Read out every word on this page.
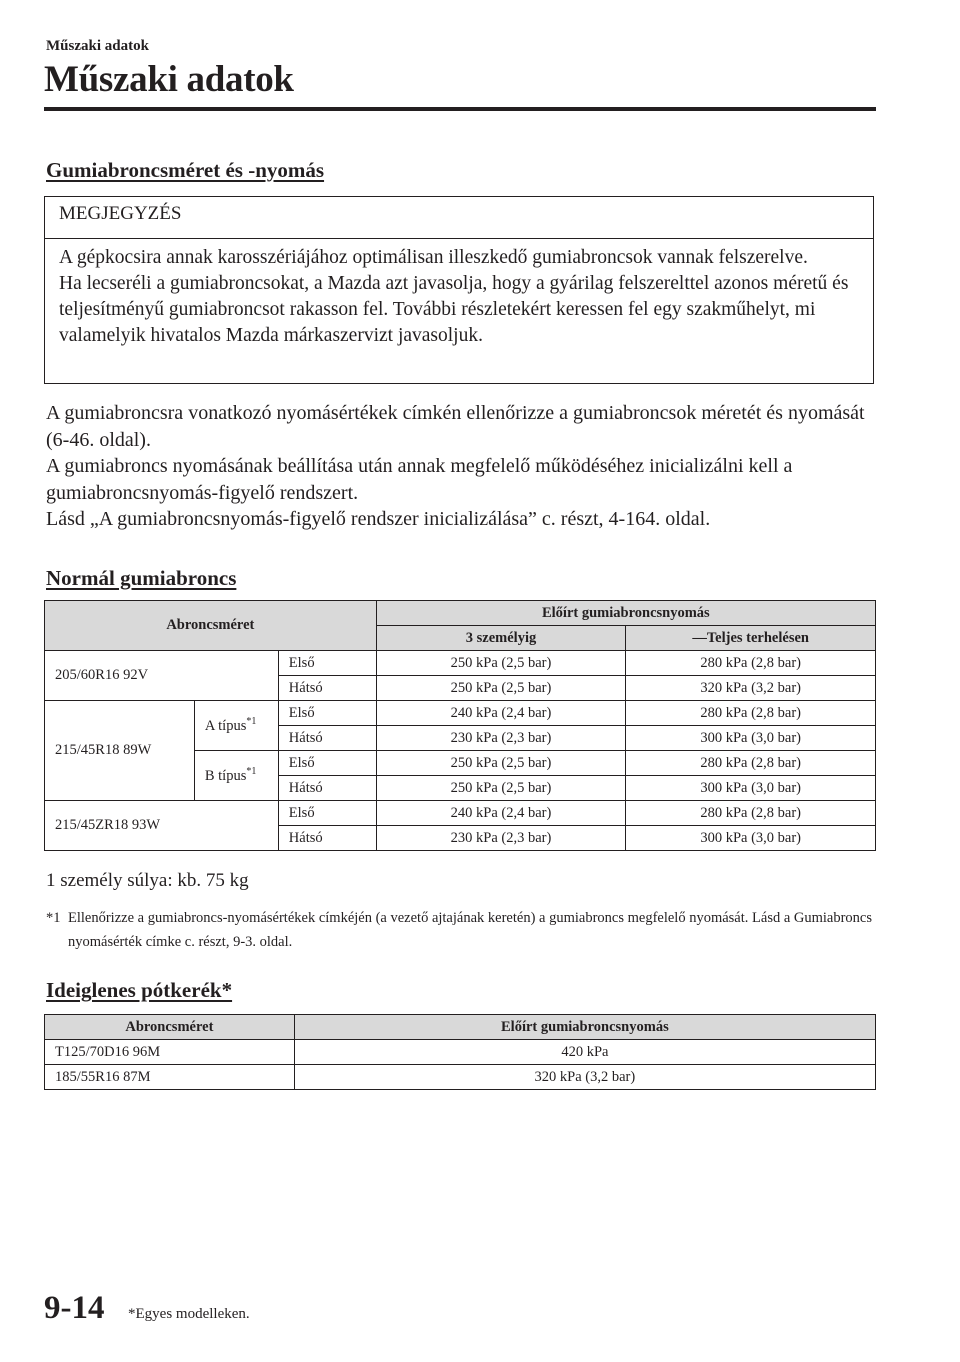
Műszaki adatok
Műszaki adatok
Gumiabroncsméret és -nyomás
MEGJEGYZÉS

A gépkocsira annak karosszériájához optimálisan illeszkedő gumiabroncsok vannak felszerelve.

Ha lecseréli a gumiabroncsokat, a Mazda azt javasolja, hogy a gyárilag felszerelttel azonos méretű és teljesítményű gumiabroncsot rakasson fel. További részletekért keressen fel egy szakműhelyt, mi valamelyik hivatalos Mazda márkaszervizt javasoljuk.

A gumiabroncsra vonatkozó nyomásértékek címkén ellenőrizze a gumiabroncsok méretét és nyomását (6-46. oldal).

A gumiabroncs nyomásának beállítása után annak megfelelő működéséhez inicializálni kell a gumiabroncsnyomás-figyelő rendszert.

Lásd „A gumiabroncsnyomás-figyelő rendszer inicializálása” c. részt, 4-164. oldal.

Normál gumiabroncs
Abroncsméret			Előírt gumiabroncsnyomás	
			3 személyig	—Teljes terhelésen
205/60R16 92V		Első	250 kPa (2,5 bar)	280 kPa (2,8 bar)
		Hátsó	250 kPa (2,5 bar)	320 kPa (3,2 bar)
215/45R18 89W	A típus$^{*1}$	Első	240 kPa (2,4 bar)	280 kPa (2,8 bar)
		Hátsó	230 kPa (2,3 bar)	300 kPa (3,0 bar)
	B típus$^{*1}$	Első	250 kPa (2,5 bar)	280 kPa (2,8 bar)
		Hátsó	250 kPa (2,5 bar)	300 kPa (3,0 bar)
215/45ZR18 93W		Első	240 kPa (2,4 bar)	280 kPa (2,8 bar)
		Hátsó	230 kPa (2,3 bar)	300 kPa (3,0 bar)
1 személy súlya: kb. 75 kg
*1 Ellenőrizze a gumiabroncs-nyomásértékek címkéjén (a vezető ajtajának keretén) a gumiabroncs megfelelő nyomását. Lásd a Gumiabroncs nyomásérték címke c. részt, 9-3. oldal.
Ideiglenes pótkerék*
Abroncsméret	Előírt gumiabroncsnyomás
T125/70D16 96M	420 kPa
185/55R16 87M	320 kPa (3,2 bar)
9-14 *Egyes modelleken.
